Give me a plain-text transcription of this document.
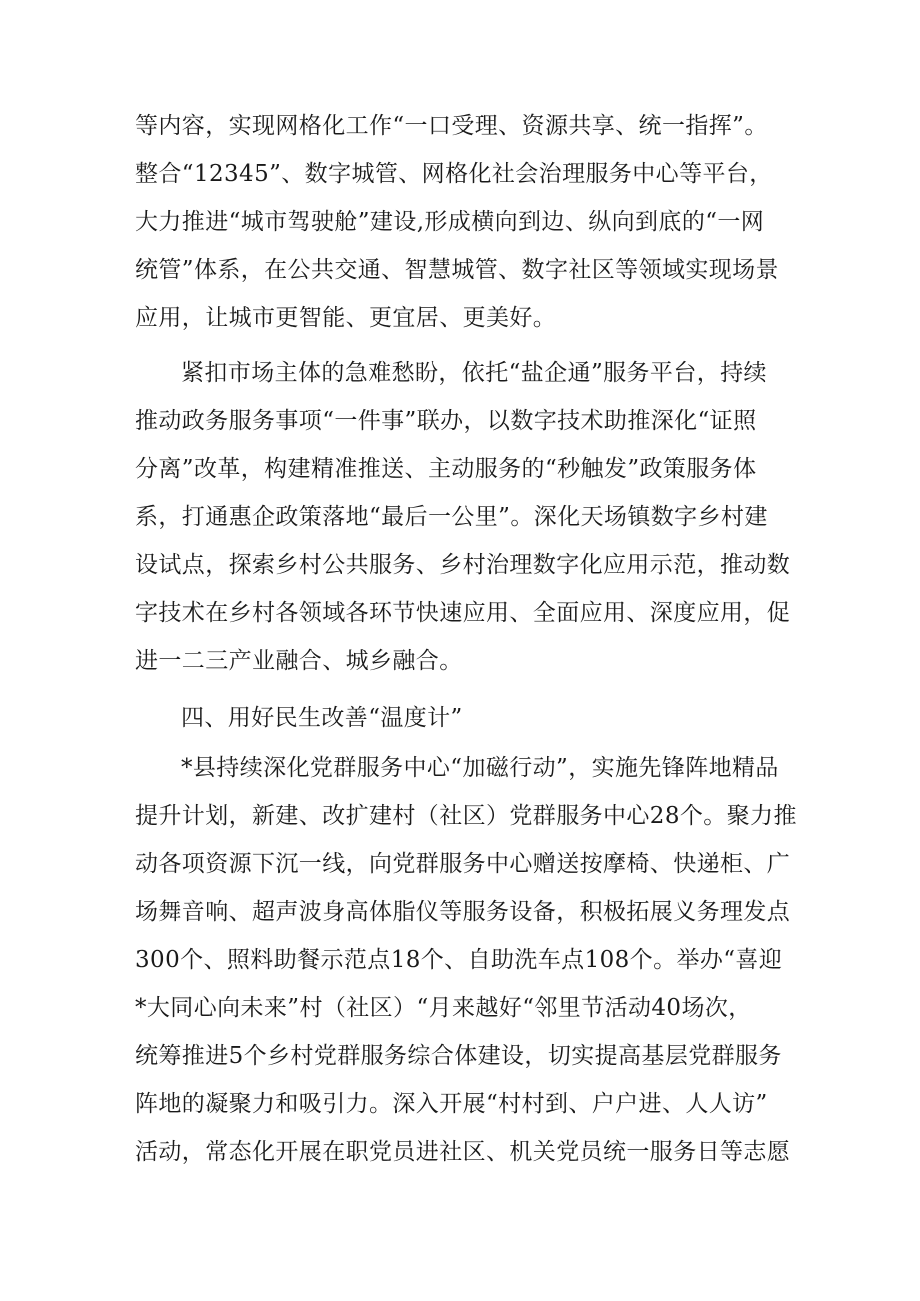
等内容，实现网格化工作“一口受理、资源共享、统一指挥”。
整合“12345”、数字城管、网格化社会治理服务中心等平台，
大力推进“城市驾驶舱”建设,形成横向到边、纵向到底的“一网
统管”体系，在公共交通、智慧城管、数字社区等领域实现场景
应用，让城市更智能、更宜居、更美好。
紧扣市场主体的急难愁盼，依托“盐企通”服务平台，持续
推动政务服务事项“一件事”联办，以数字技术助推深化“证照
分离”改革，构建精准推送、主动服务的“秒触发”政策服务体
系，打通惠企政策落地“最后一公里”。深化天场镇数字乡村建
设试点，探索乡村公共服务、乡村治理数字化应用示范，推动数
字技术在乡村各领域各环节快速应用、全面应用、深度应用，促
进一二三产业融合、城乡融合。
四、用好民生改善“温度计”
*县持续深化党群服务中心“加磁行动”，实施先锋阵地精品
提升计划，新建、改扩建村（社区）党群服务中心28个。聚力推
动各项资源下沉一线，向党群服务中心赠送按摩椅、快递柜、广
场舞音响、超声波身高体脂仪等服务设备，积极拓展义务理发点
300个、照料助餐示范点18个、自助洗车点108个。举办“喜迎
*大同心向未来”村（社区）“月来越好“邻里节活动40场次，
统筹推进5个乡村党群服务综合体建设，切实提高基层党群服务
阵地的凝聚力和吸引力。深入开展“村村到、户户进、人人访”
活动，常态化开展在职党员进社区、机关党员统一服务日等志愿
